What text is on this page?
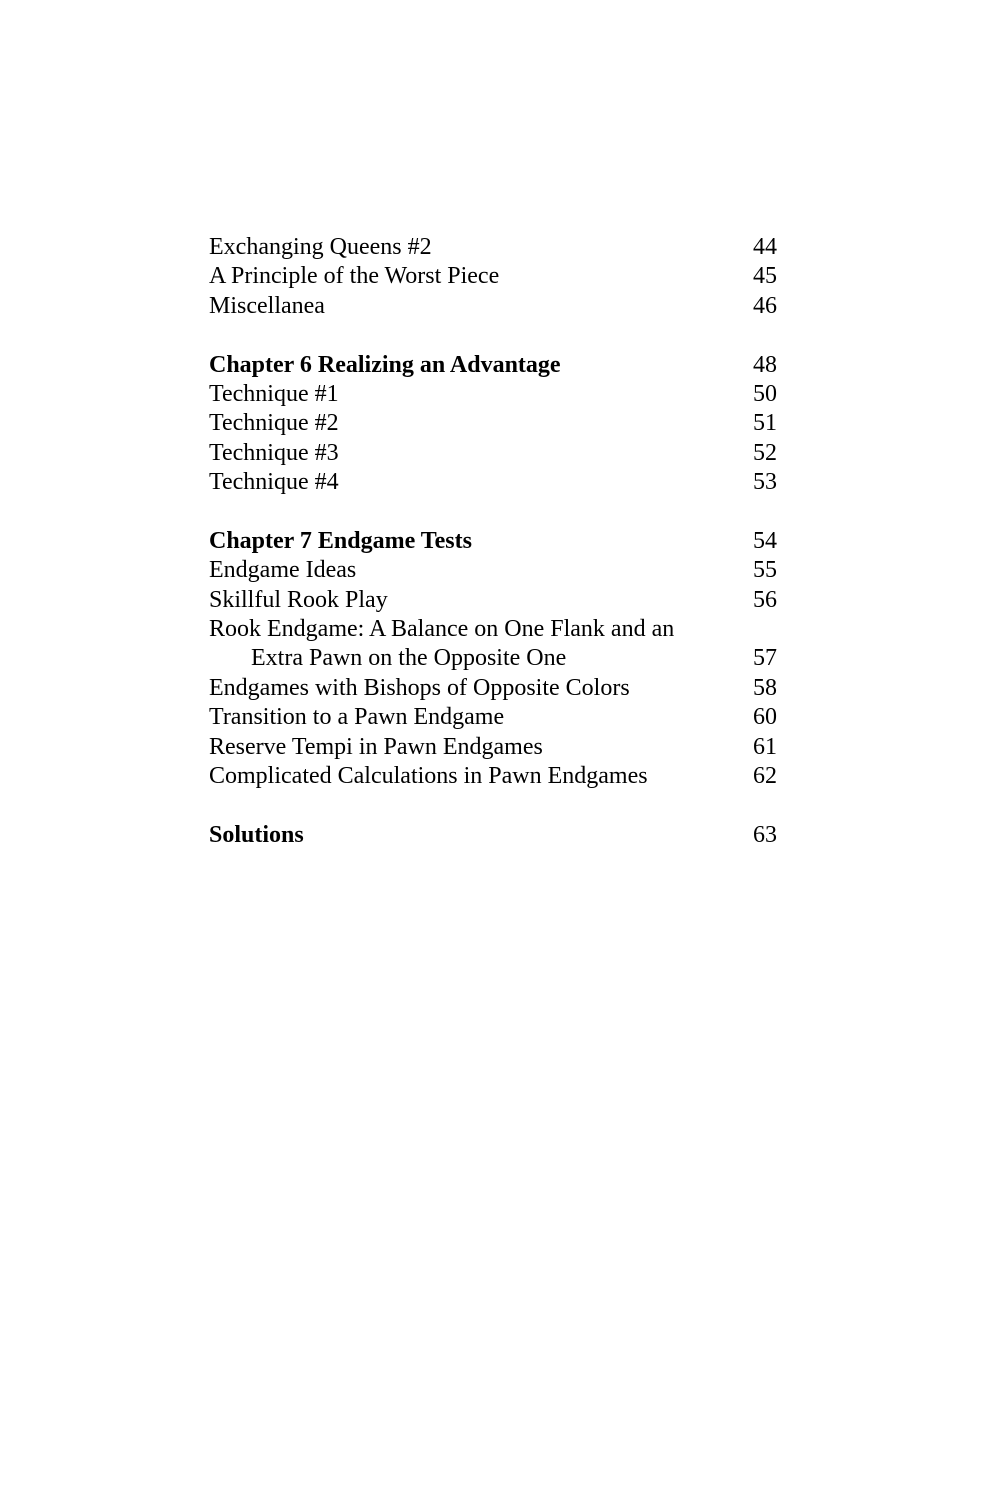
Exchanging Queens #2	44
A Principle of the Worst Piece	45
Miscellanea	46
Chapter 6 Realizing an Advantage	48
Technique #1	50
Technique #2	51
Technique #3	52
Technique #4	53
Chapter 7 Endgame Tests	54
Endgame Ideas	55
Skillful Rook Play	56
Rook Endgame: A Balance on One Flank and an
Extra Pawn on the Opposite One	57
Endgames with Bishops of Opposite Colors	58
Transition to a Pawn Endgame	60
Reserve Tempi in Pawn Endgames	61
Complicated Calculations in Pawn Endgames	62
Solutions	63
